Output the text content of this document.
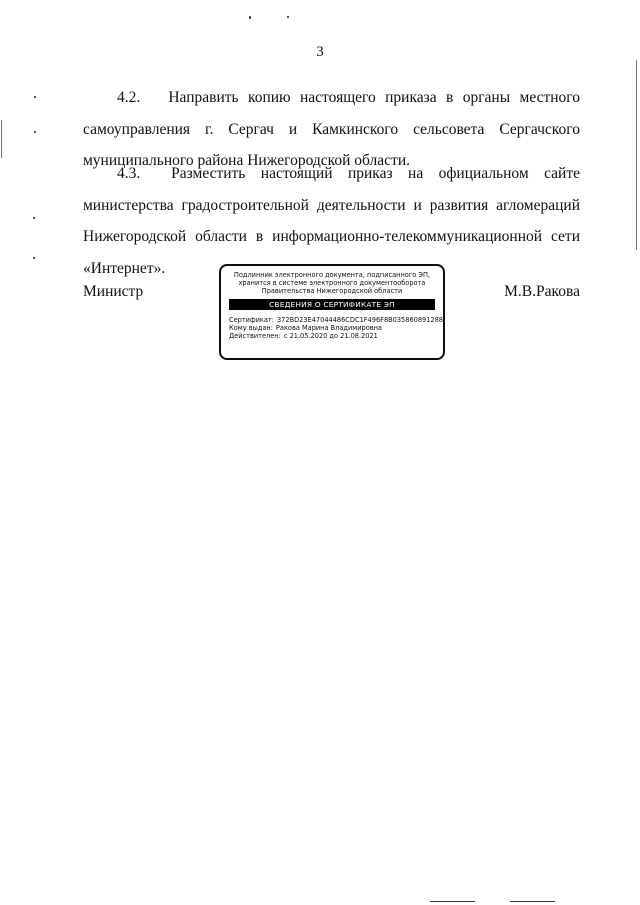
3
4.2. Направить копию настоящего приказа в органы местного самоуправления г. Сергач и Камкинского сельсовета Сергачского муниципального района Нижегородской области.
4.3. Разместить настоящий приказ на официальном сайте министерства градостроительной деятельности и развития агломераций Нижегородской области в информационно-телекоммуникационной сети «Интернет».
Министр	М.В.Ракова
Подлинник электронного документа, подписанного ЭП,
хранится в системе электронного документооборота
Правительства Нижегородской области
СВЕДЕНИЯ О СЕРТИФИКАТЕ ЭП
Сертификат: 372BD23E47044486CDC1F496F8B035860891288
Кому выдан: Ракова Марина Владимировна
Действителен: с 21.05.2020 до 21.08.2021
